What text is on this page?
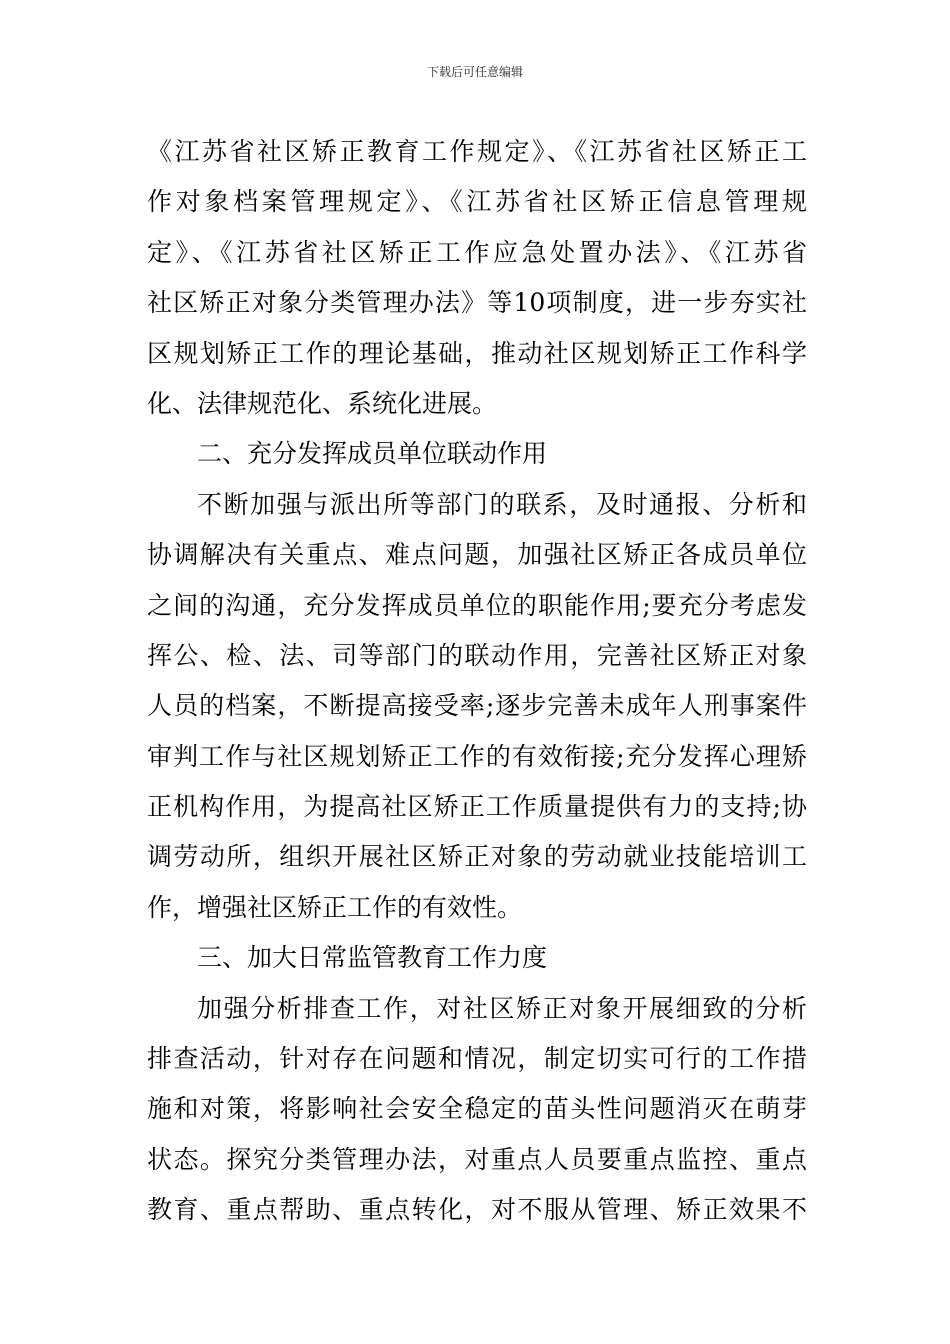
下载后可任意编辑
《江苏省社区矫正教育工作规定》、《江苏省社区矫正工
作对象档案管理规定》、《江苏省社区矫正信息管理规
定》、《江苏省社区矫正工作应急处置办法》、《江苏省
社区矫正对象分类管理办法》等10项制度，进一步夯实社
区规划矫正工作的理论基础，推动社区规划矫正工作科学
化、法律规范化、系统化进展。
二、充分发挥成员单位联动作用
不断加强与派出所等部门的联系，及时通报、分析和
协调解决有关重点、难点问题，加强社区矫正各成员单位
之间的沟通，充分发挥成员单位的职能作用;要充分考虑发
挥公、检、法、司等部门的联动作用，完善社区矫正对象
人员的档案，不断提高接受率;逐步完善未成年人刑事案件
审判工作与社区规划矫正工作的有效衔接;充分发挥心理矫
正机构作用，为提高社区矫正工作质量提供有力的支持;协
调劳动所，组织开展社区矫正对象的劳动就业技能培训工
作，增强社区矫正工作的有效性。
三、加大日常监管教育工作力度
加强分析排查工作，对社区矫正对象开展细致的分析
排查活动，针对存在问题和情况，制定切实可行的工作措
施和对策，将影响社会安全稳定的苗头性问题消灭在萌芽
状态。探究分类管理办法，对重点人员要重点监控、重点
教育、重点帮助、重点转化，对不服从管理、矫正效果不
